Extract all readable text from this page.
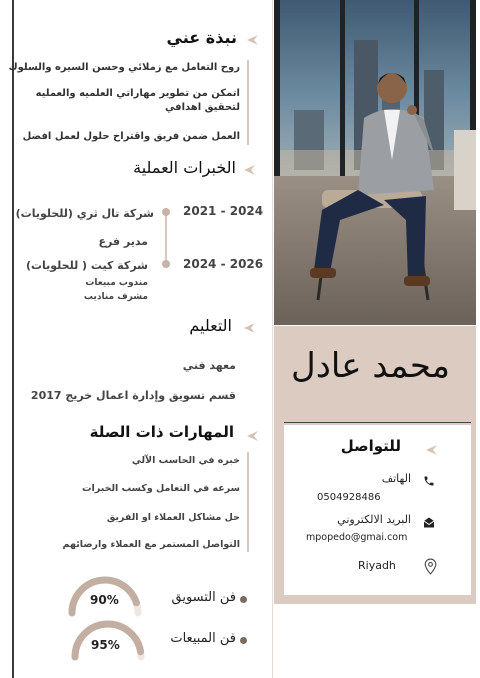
نبذة عني
روح التعامل مع زملائي وحسن السيره والسلوك
اتمكن من تطوير مهاراتي العلميه والعمليه
لتحقيق اهدافي
العمل ضمن فريق واقتراح حلول لعمل افضل
الخبرات العملية
2021 - 2024
2024 - 2026
شركة تال ثري (للحلويات)
مدير فرع
شركة كيت ( للحلويات)
مندوب مبيعات
مشرف مناديب
التعليم
معهد فني
قسم تسويق وإدارة اعمال خريج 2017
المهارات ذات الصلة
خبره في الحاسب الآلي
سرعه في التعامل وكسب الخبرات
حل مشاكل العملاء او الفريق
التواصل المستمر مع العملاء وارضائهم
90%	فن التسويق
95%	فن المبيعات
محمد عادل
للتواصل
الهاتف
0504928486
البريد الالكتروني
mpopedo@gmai.com
Riyadh
